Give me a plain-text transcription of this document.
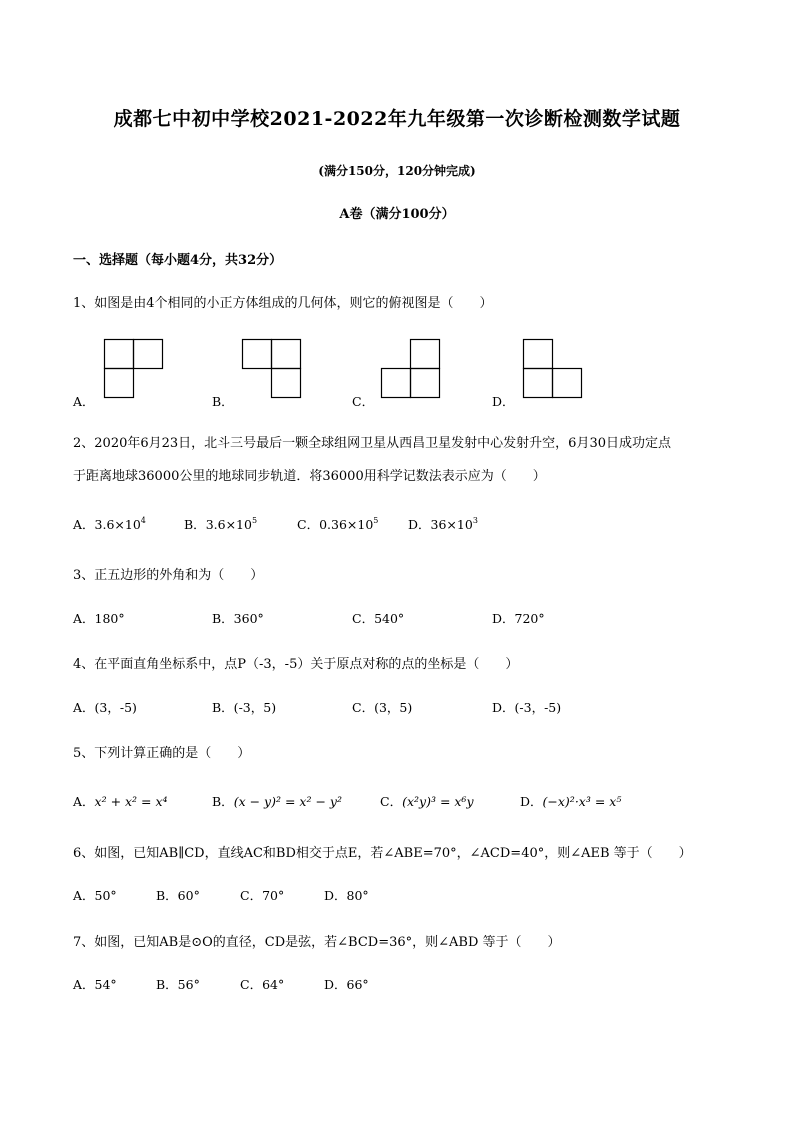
成都七中初中学校2021-2022年九年级第一次诊断检测数学试题
(满分150分，120分钟完成)
A卷（满分100分）
一、选择题（每小题4分，共32分）
1、如图是由4个相同的小正方体组成的几何体，则它的俯视图是（　　）
A．	B．	C．	D．
2、2020年6月23日，北斗三号最后一颗全球组网卫星从西昌卫星发射中心发射升空，6月30日成功定点
于距离地球36000公里的地球同步轨道．将36000用科学记数法表示应为（　　）
A．$3.6\times 10^4$	B．$3.6\times 10^5$	C．$0.36\times 10^5$ D．$36\times 10^3$
3、正五边形的外角和为（　　）
A．180°	B．360°	C．540°	D．720°
4、在平面直角坐标系中，点P（-3，-5）关于原点对称的点的坐标是（　　）
A．(3，-5)	B．(-3，5)	C．(3，5)	D．(-3，-5)
5、下列计算正确的是（　　）
A．x² + x² = x⁴	B．(x − y)² = x² − y²	C．(x²y)³ = x⁶y	D．(−x)²·x³ = x⁵
6、如图，已知AB∥CD，直线AC和BD相交于点E，若∠ABE=70°，∠ACD=40°，则∠AEB 等于（　　）
A．50°	B．60°	C．70°	D．80°
7、如图，已知AB是⊙O的直径，CD是弦，若∠BCD=36°，则∠ABD 等于（　　）
A．54°	B．56°	C．64°	D．66°
